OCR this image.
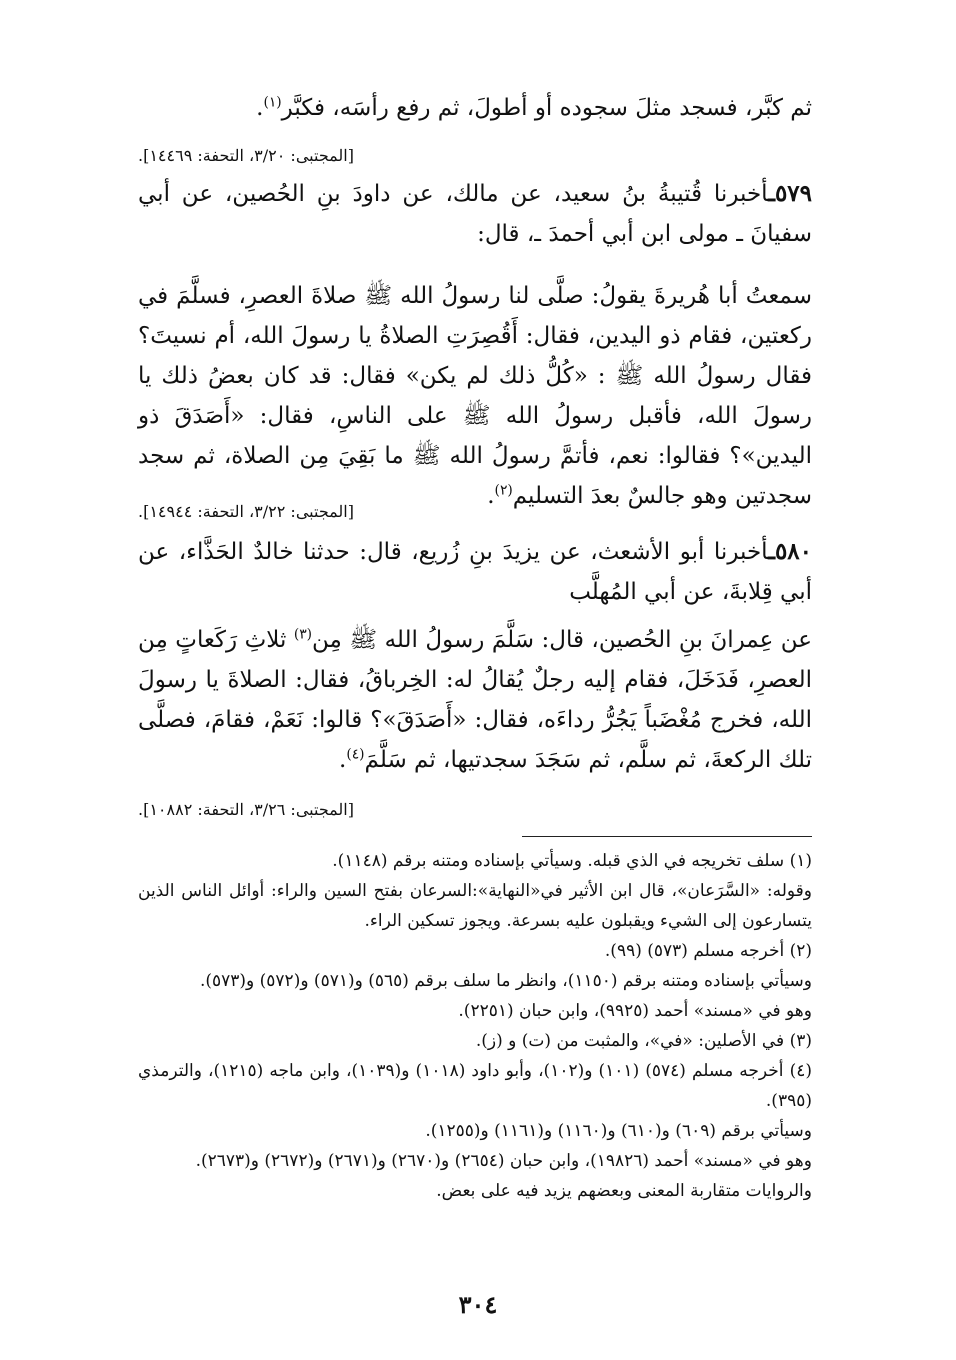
ثم كبَّر، فسجد مثلَ سجوده أو أطولَ، ثم رفع رأسَه، فكبَّر$^{(١)}$.
[المجتبى: ٣/٢٠، التحفة: ١٤٤٦٩].
٥٧٩ـأخبرنا قُتيبةُ بنُ سعيد، عن مالك، عن داودَ بنِ الحُصين، عن أبي سفيانَ ـ مولى ابن أبي أحمدَ ـ، قال:
سمعتُ أبا هُريرةَ يقولُ: صلَّى لنا رسولُ الله ﷺ صلاةَ العصرِ، فسلَّمَ في ركعتين، فقام ذو اليدين، فقال: أَقُصِرَتِ الصلاةُ يا رسولَ الله، أم نسيتَ؟ فقال رسولُ الله ﷺ : «كُلُّ ذلك لم يكن» فقال: قد كان بعضُ ذلك يا رسولَ الله، فأقبل رسولُ الله ﷺ على الناسِ، فقال: «أَصَدَقَ ذو اليدين»؟ فقالوا: نعم، فأتمَّ رسولُ الله ﷺ ما بَقِيَ مِن الصلاة، ثم سجد سجدتين وهو جالسٌ بعدَ التسليم$^{(٢)}$.
[المجتبى: ٣/٢٢، التحفة: ١٤٩٤٤].
٥٨٠ـأخبرنا أبو الأشعث، عن يزيدَ بنِ زُريع، قال: حدثنا خالدٌ الحَذَّاء، عن أبي قِلابةَ، عن أبي المُهلَّب
عن عِمرانَ بنِ الحُصين، قال: سَلَّمَ رسولُ الله ﷺ مِن$^{(٣)}$ ثلاثِ رَكَعاتٍ مِن العصرِ، فَدَخَلَ، فقام إليه رجلٌ يُقالُ له: الخِرباقُ، فقال: الصلاةَ يا رسولَ الله، فخرج مُغْضَباً يَجُرُّ رداءَه، فقال: «أَصَدَقَ»؟ قالوا: نَعَمْ، فقامَ، فصلَّى تلك الركعةَ، ثم سلَّم، ثم سَجَدَ سجدتيها، ثم سَلَّمَ$^{(٤)}$.
[المجتبى: ٣/٢٦، التحفة: ١٠٨٨٢].
(١) سلف تخريجه في الذي قبله. وسيأتي بإسناده ومتنه برقم (١١٤٨).
وقوله: «السَّرَعان»، قال ابن الأثير في«النهاية»:السرعان بفتح السين والراء: أوائل الناس الذين يتسارعون إلى الشيء ويقبلون عليه بسرعة. ويجوز تسكين الراء.
(٢) أخرجه مسلم (٥٧٣) (٩٩).
وسيأتي بإسناده ومتنه برقم (١١٥٠)، وانظر ما سلف برقم (٥٦٥) و(٥٧١) و(٥٧٢) و(٥٧٣).
وهو في «مسند» أحمد (٩٩٢٥)، وابن حبان (٢٢٥١).
(٣) في الأصلين: «في»، والمثبت من (ت) و (ز).
(٤) أخرجه مسلم (٥٧٤) (١٠١) و(١٠٢)، وأبو داود (١٠١٨) و(١٠٣٩)، وابن ماجه (١٢١٥)، والترمذي (٣٩٥).
وسيأتي برقم (٦٠٩) و(٦١٠) و(١١٦٠) و(١١٦١) و(١٢٥٥).
وهو في «مسند» أحمد (١٩٨٢٦)، وابن حبان (٢٦٥٤) و(٢٦٧٠) و(٢٦٧١) و(٢٦٧٢) و(٢٦٧٣).
والروايات متقاربة المعنى وبعضهم يزيد فيه على بعض.
٣٠٤
